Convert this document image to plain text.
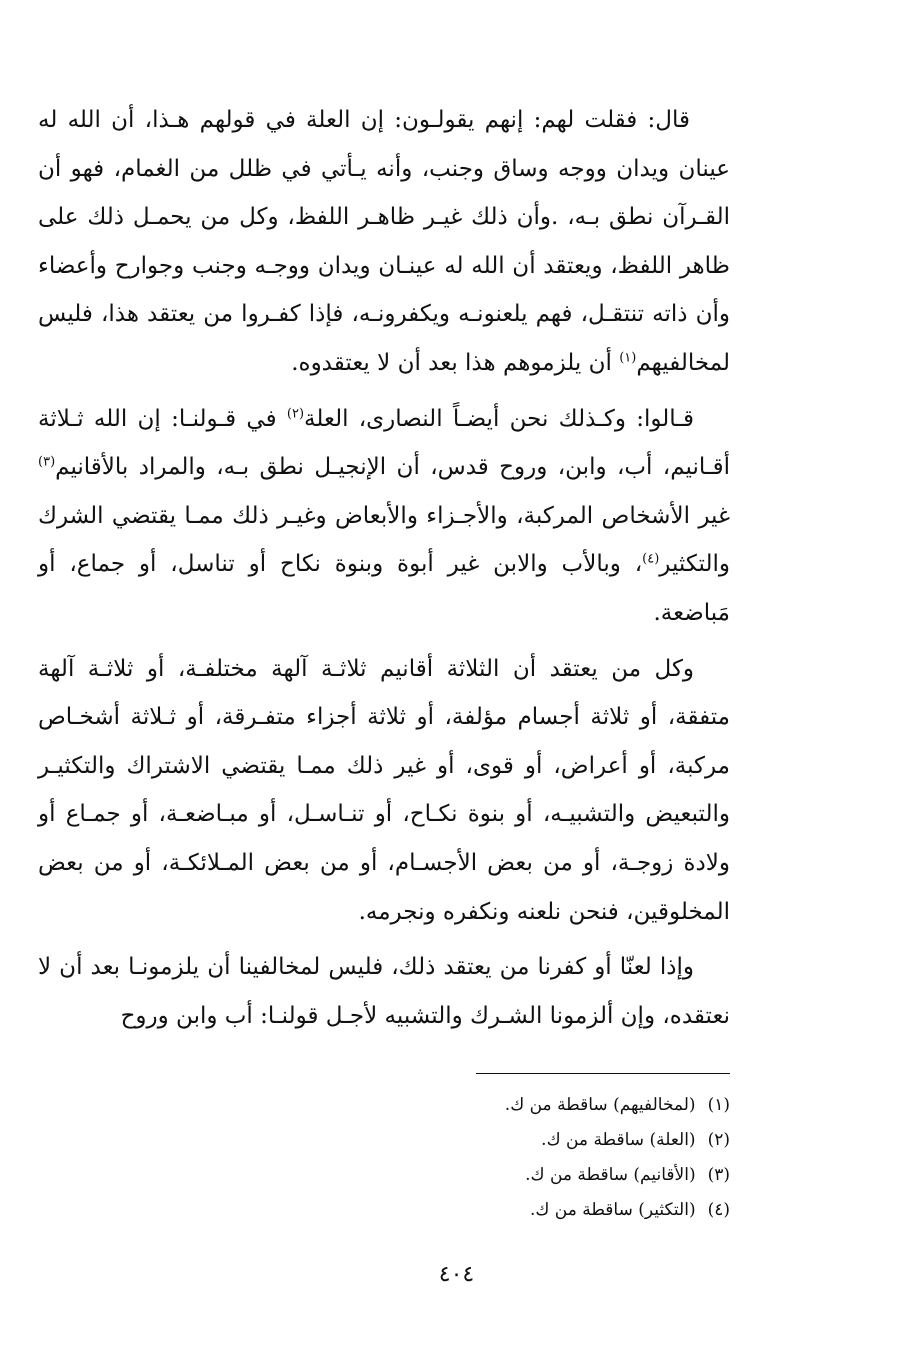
قال: فقلت لهم: إنهم يقولـون: إن العلة في قولهم هـذا، أن الله له عينان ويدان ووجه وساق وجنب، وأنه يـأتي في ظلل من الغمام، فهو أن القـرآن نطق بـه، .وأن ذلك غيـر ظاهـر اللفظ، وكل من يحمـل ذلك على ظاهر اللفظ، ويعتقد أن الله له عينـان ويدان ووجـه وجنب وجوارح وأعضاء وأن ذاته تنتقـل، فهم يلعنونـه ويكفرونـه، فإذا كفـروا من يعتقد هذا، فليس لمخالفيهم$^{(١)}$ أن يلزموهم هذا بعد أن لا يعتقدوه.

قـالوا: وكـذلك نحن أيضـاً النصارى، العلة$^{(٢)}$ في قـولنـا: إن الله ثـلاثة أقـانيم، أب، وابن، وروح قدس، أن الإنجيـل نطق بـه، والمراد بالأقانيم$^{(٣)}$ غير الأشخاص المركبة، والأجـزاء والأبعاض وغيـر ذلك ممـا يقتضي الشرك والتكثير$^{(٤)}$، وبالأب والابن غير أبوة وبنوة نكاح أو تناسل، أو جماع، أو مَباضعة.

وكل من يعتقد أن الثلاثة أقانيم ثلاثـة آلهة مختلفـة، أو ثلاثـة آلهة متفقة، أو ثلاثة أجسام مؤلفة، أو ثلاثة أجزاء متفـرقة، أو ثـلاثة أشخـاص مركبة، أو أعراض، أو قوى، أو غير ذلك ممـا يقتضي الاشتراك والتكثيـر والتبعيض والتشبيـه، أو بنوة نكـاح، أو تنـاسـل، أو مبـاضعـة، أو جمـاع أو ولادة زوجـة، أو من بعض الأجسـام، أو من بعض المـلائكـة، أو من بعض المخلوقين، فنحن نلعنه ونكفره ونجرمه.

وإذا لعنّا أو كفرنا من يعتقد ذلك، فليس لمخالفينا أن يلزمونـا بعد أن لا نعتقده، وإن ألزمونا الشـرك والتشبيه لأجـل قولنـا: أب وابن وروح

(١)(لمخالفيهم) ساقطة من ك.
(٢)(العلة) ساقطة من ك.
(٣)(الأقانيم) ساقطة من ك.
(٤)(التكثير) ساقطة من ك.
٤٠٤
